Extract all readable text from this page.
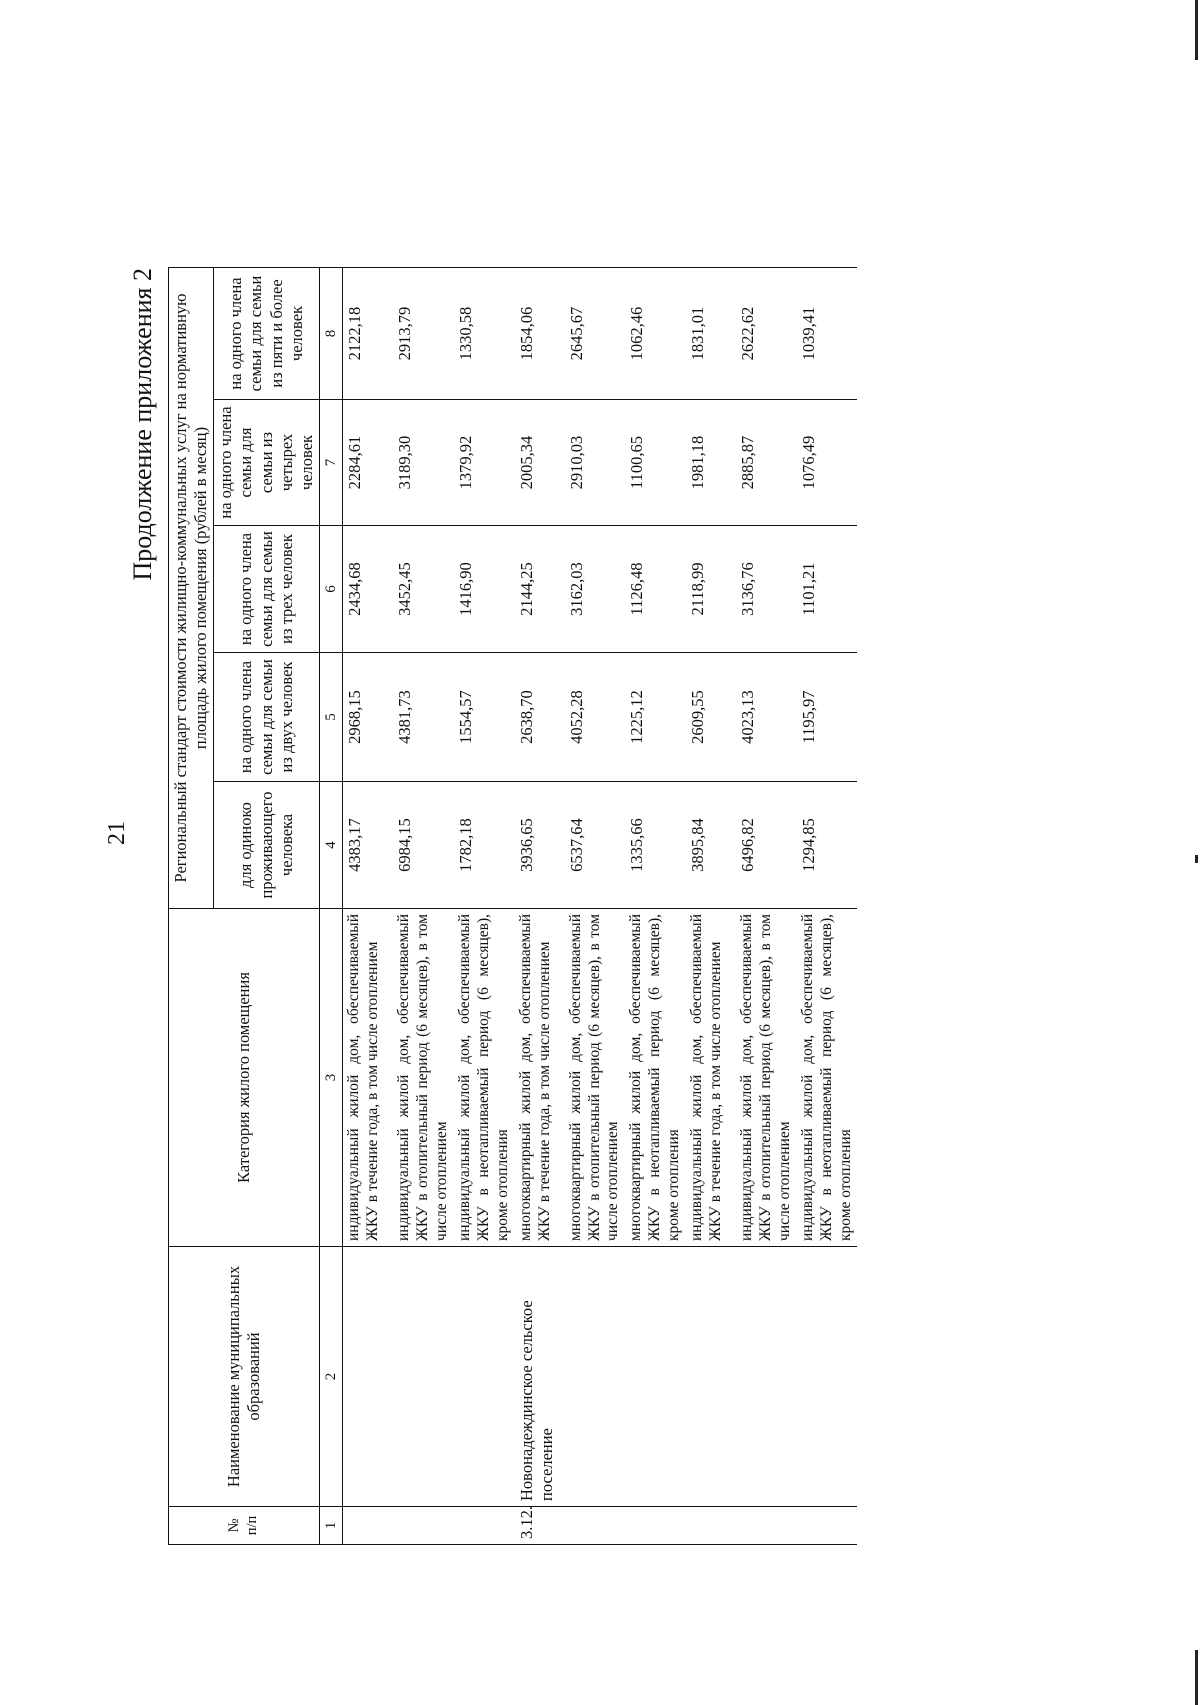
21
Продолжение приложения 2
№ п/п	Наименование муниципальных образований	Категория жилого помещения	Региональный стандарт стоимости жилищно-коммунальных услуг на нормативную площадь жилого помещения (рублей в месяц)				
			для одиноко проживающего человека	на одного члена семьи для семьи из двух человек	на одного члена семьи для семьи из трех человек	на одного члена семьи для семьи из четырех человек	на одного члена семьи для семьи из пяти и более человек
1	2	3	4	5	6	7	8
		индивидуальный жилой дом, обеспечиваемый ЖКУ в течение года, в том числе отоплением	4383,17	2968,15	2434,68	2284,61	2122,18
		индивидуальный жилой дом, обеспечиваемый ЖКУ в отопительный период (6 месяцев), в том числе отоплением	6984,15	4381,73	3452,45	3189,30	2913,79
		индивидуальный жилой дом, обеспечиваемый ЖКУ в неотапливаемый период (6 месяцев), кроме отопления	1782,18	1554,57	1416,90	1379,92	1330,58
3.12.	Новонадеждинское сельское поселение	многоквартирный жилой дом, обеспечиваемый ЖКУ в течение года, в том числе отоплением	3936,65	2638,70	2144,25	2005,34	1854,06
		многоквартирный жилой дом, обеспечиваемый ЖКУ в отопительный период (6 месяцев), в том числе отоплением	6537,64	4052,28	3162,03	2910,03	2645,67
		многоквартирный жилой дом, обеспечиваемый ЖКУ в неотапливаемый период (6 месяцев), кроме отопления	1335,66	1225,12	1126,48	1100,65	1062,46
		индивидуальный жилой дом, обеспечиваемый ЖКУ в течение года, в том числе отоплением	3895,84	2609,55	2118,99	1981,18	1831,01
		индивидуальный жилой дом, обеспечиваемый ЖКУ в отопительный период (6 месяцев), в том числе отоплением	6496,82	4023,13	3136,76	2885,87	2622,62
		индивидуальный жилой дом, обеспечиваемый ЖКУ в неотапливаемый период (6 месяцев), кроме отопления	1294,85	1195,97	1101,21	1076,49	1039,41
